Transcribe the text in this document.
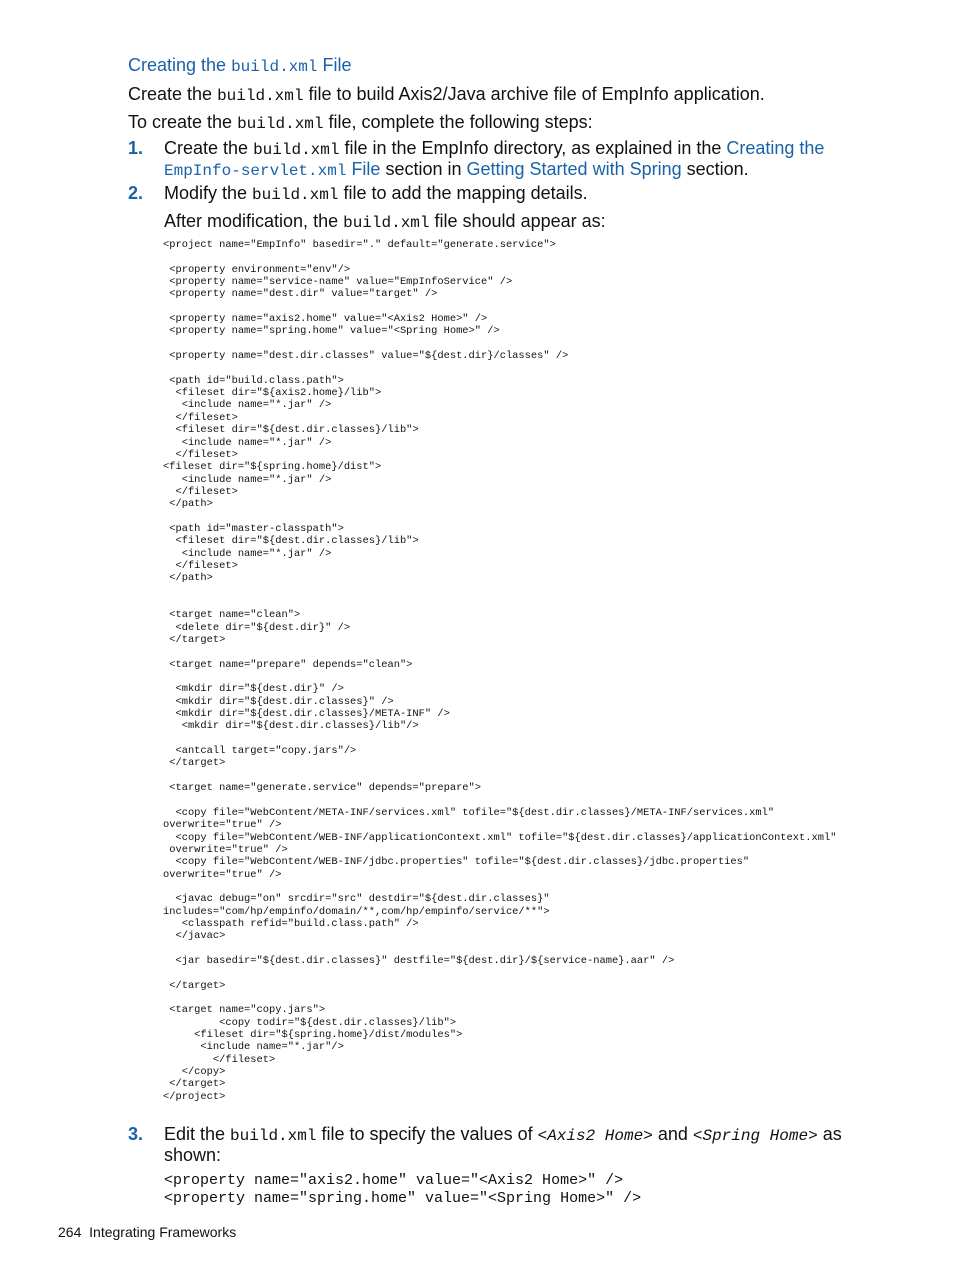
Creating the build.xml File
Create the build.xml file to build Axis2/Java archive file of EmpInfo application.
To create the build.xml file, complete the following steps:
1. Create the build.xml file in the EmpInfo directory, as explained in the Creating the
EmpInfo-servlet.xml File section in Getting Started with Spring section.
2. Modify the build.xml file to add the mapping details.
After modification, the build.xml file should appear as:
<project name="EmpInfo" basedir="." default="generate.service">
<property environment="env"/>
<property name="service-name" value="EmpInfoService" />
<property name="dest.dir" value="target" />
<property name="axis2.home" value="<Axis2 Home>" />
<property name="spring.home" value="<Spring Home>" />
<property name="dest.dir.classes" value="${dest.dir}/classes" />
<path id="build.class.path">
<fileset dir="${axis2.home}/lib">
<include name="*.jar" />
</fileset>
<fileset dir="${dest.dir.classes}/lib">
<include name="*.jar" />
</fileset>
<fileset dir="${spring.home}/dist">
<include name="*.jar" />
</fileset>
</path>
<path id="master-classpath">
<fileset dir="${dest.dir.classes}/lib">
<include name="*.jar" />
</fileset>
</path>
<target name="clean">
<delete dir="${dest.dir}" />
</target>
<target name="prepare" depends="clean">
<mkdir dir="${dest.dir}" />
<mkdir dir="${dest.dir.classes}" />
<mkdir dir="${dest.dir.classes}/META-INF" />
<mkdir dir="${dest.dir.classes}/lib"/>
<antcall target="copy.jars"/>
</target>
<target name="generate.service" depends="prepare">
<copy file="WebContent/META-INF/services.xml" tofile="${dest.dir.classes}/META-INF/services.xml"
overwrite="true" />
<copy file="WebContent/WEB-INF/applicationContext.xml" tofile="${dest.dir.classes}/applicationContext.xml"
overwrite="true" />
<copy file="WebContent/WEB-INF/jdbc.properties" tofile="${dest.dir.classes}/jdbc.properties"
overwrite="true" />
<javac debug="on" srcdir="src" destdir="${dest.dir.classes}"
includes="com/hp/empinfo/domain/**,com/hp/empinfo/service/**">
<classpath refid="build.class.path" />
</javac>
<jar basedir="${dest.dir.classes}" destfile="${dest.dir}/${service-name}.aar" />
</target>
<target name="copy.jars">
<copy todir="${dest.dir.classes}/lib">
<fileset dir="${spring.home}/dist/modules">
<include name="*.jar"/>
</fileset>
</copy>
</target>
</project>
3. Edit the build.xml file to specify the values of <Axis2 Home> and <Spring Home> as
shown:
<property name="axis2.home" value="<Axis2 Home>" />
<property name="spring.home" value="<Spring Home>" />
264 Integrating Frameworks
